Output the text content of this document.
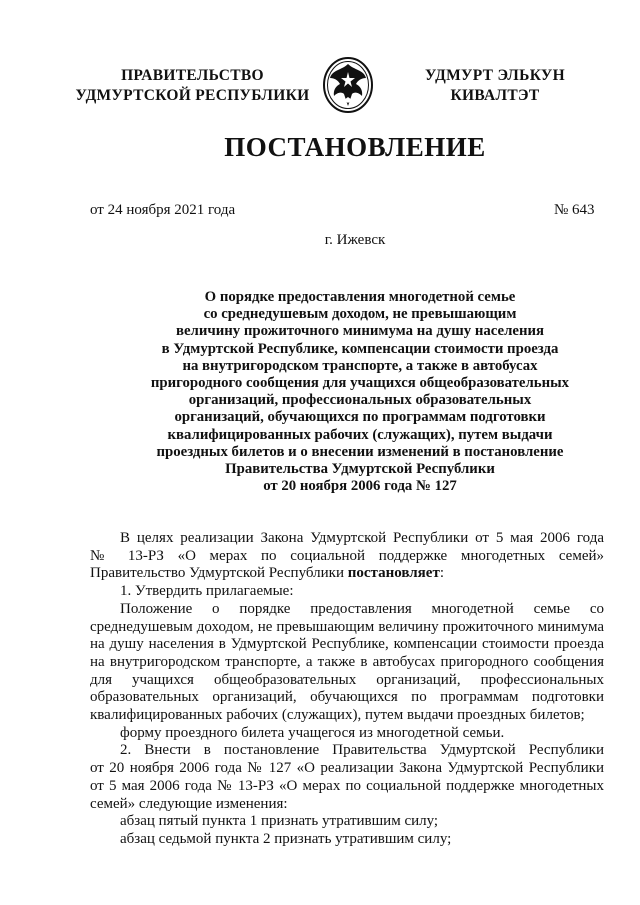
ПРАВИТЕЛЬСТВО
УДМУРТСКОЙ РЕСПУБЛИКИ
УДМУРТ ЭЛЬКУН
КИВАЛТЭТ
ПОСТАНОВЛЕНИЕ
от 24 ноября 2021 года	№ 643
г. Ижевск
О порядке предоставления многодетной семье
со среднедушевым доходом, не превышающим
величину прожиточного минимума на душу населения
в Удмуртской Республике, компенсации стоимости проезда
на внутригородском транспорте, а также в автобусах
пригородного сообщения для учащихся общеобразовательных
организаций, профессиональных образовательных
организаций, обучающихся по программам подготовки
квалифицированных рабочих (служащих), путем выдачи
проездных билетов и о внесении изменений в постановление
Правительства Удмуртской Республики
от 20 ноября 2006 года № 127

В целях реализации Закона Удмуртской Республики от 5 мая 2006 года
№ 13-РЗ «О мерах по социальной поддержке многодетных семей»
Правительство Удмуртской Республики постановляет:

1. Утвердить прилагаемые:

Положение о порядке предоставления многодетной семье со
среднедушевым доходом, не превышающим величину прожиточного минимума
на душу населения в Удмуртской Республике, компенсации стоимости проезда
на внутригородском транспорте, а также в автобусах пригородного сообщения
для учащихся общеобразовательных организаций, профессиональных
образовательных организаций, обучающихся по программам подготовки
квалифицированных рабочих (служащих), путем выдачи проездных билетов;

форму проездного билета учащегося из многодетной семьи.

2. Внести в постановление Правительства Удмуртской Республики
от 20 ноября 2006 года № 127 «О реализации Закона Удмуртской Республики
от 5 мая 2006 года № 13-РЗ «О мерах по социальной поддержке многодетных
семей» следующие изменения:

абзац пятый пункта 1 признать утратившим силу;

абзац седьмой пункта 2 признать утратившим силу;
